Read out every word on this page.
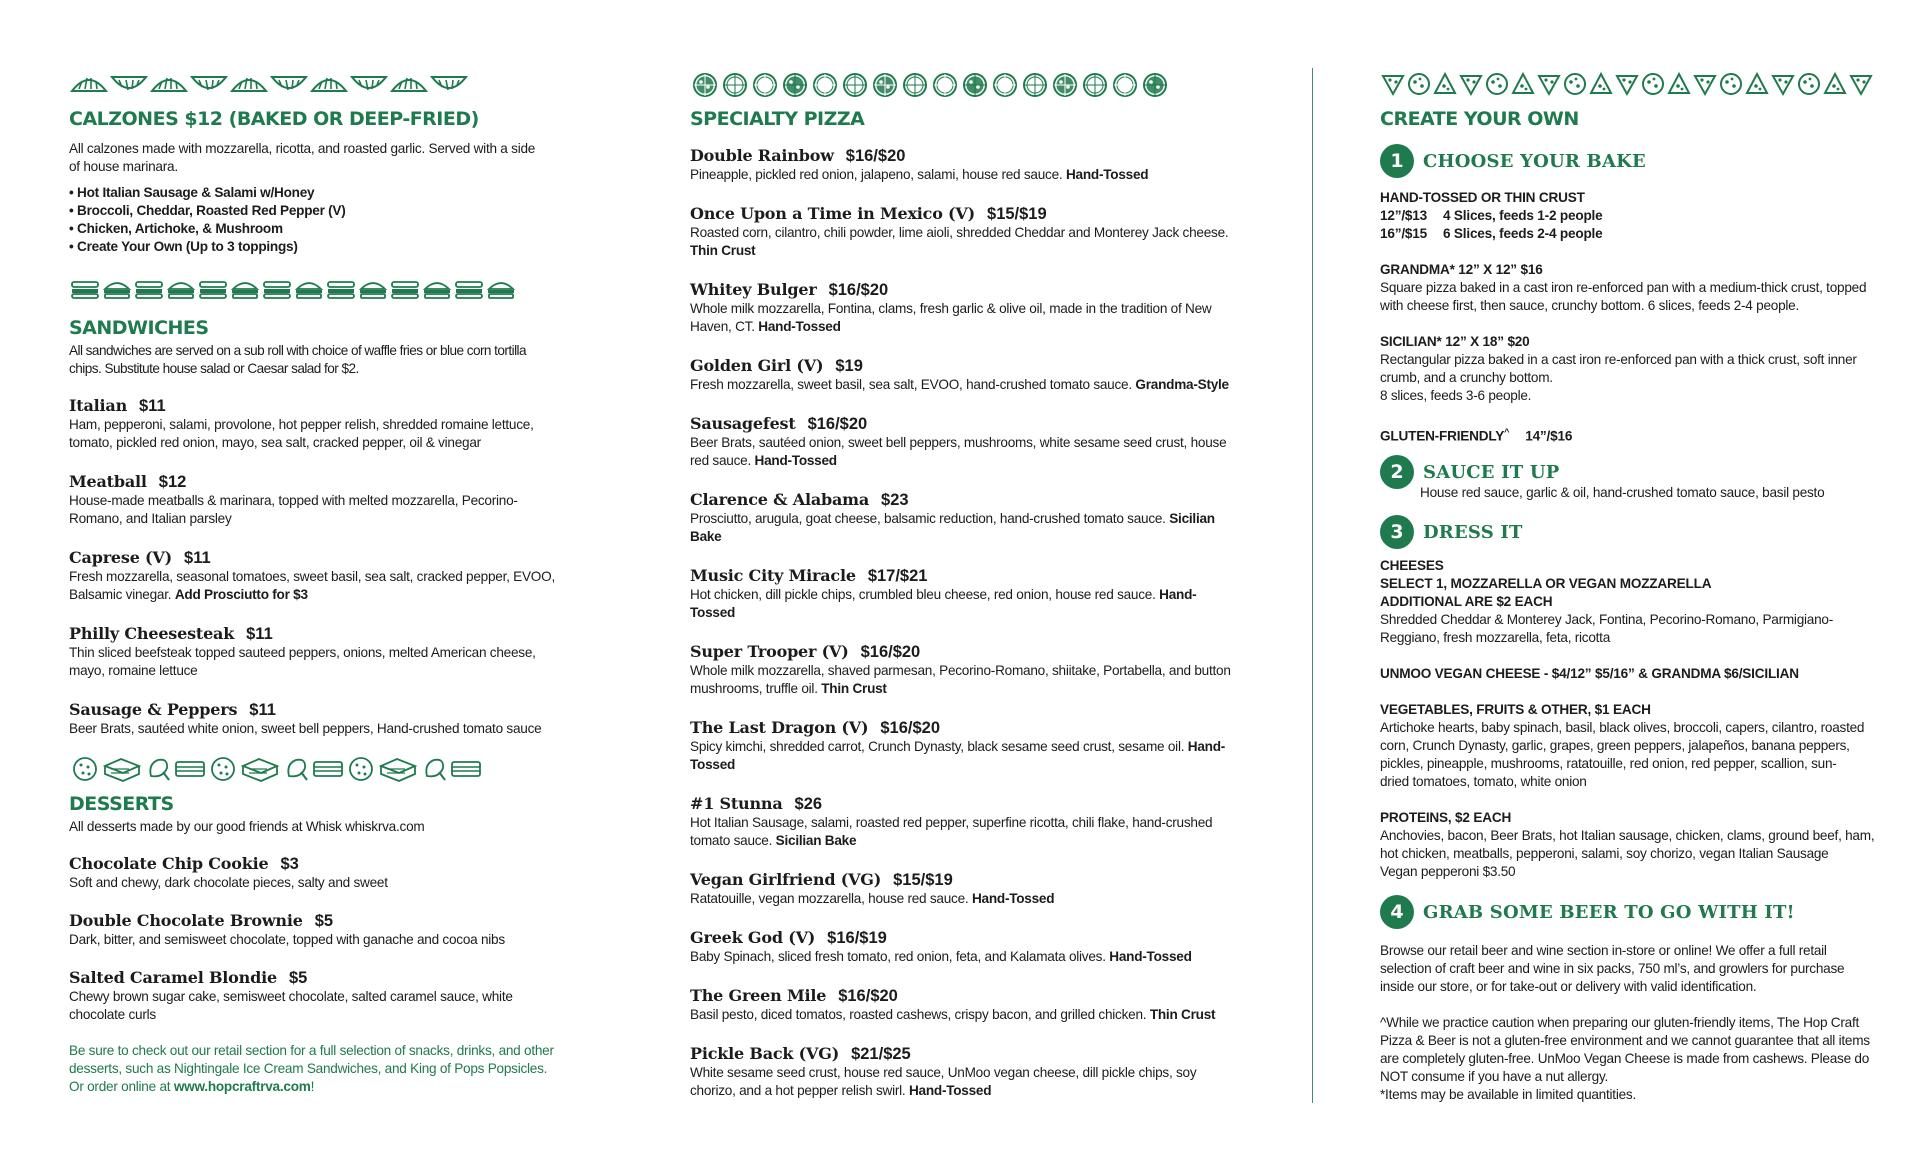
CALZONES $12 (BAKED OR DEEP-FRIED)
All calzones made with mozzarella, ricotta, and roasted garlic. Served with a side of house marinara.
• Hot Italian Sausage & Salami w/Honey
• Broccoli, Cheddar, Roasted Red Pepper (V)
• Chicken, Artichoke, & Mushroom
• Create Your Own (Up to 3 toppings)
SANDWICHES
All sandwiches are served on a sub roll with choice of waffle fries or blue corn tortilla chips. Substitute house salad or Caesar salad for $2.
Italian $11
Ham, pepperoni, salami, provolone, hot pepper relish, shredded romaine lettuce, tomato, pickled red onion, mayo, sea salt, cracked pepper, oil & vinegar
Meatball $12
House-made meatballs & marinara, topped with melted mozzarella, Pecorino-Romano, and Italian parsley
Caprese (V) $11
Fresh mozzarella, seasonal tomatoes, sweet basil, sea salt, cracked pepper, EVOO, Balsamic vinegar. Add Prosciutto for $3
Philly Cheesesteak $11
Thin sliced beefsteak topped sauteed peppers, onions, melted American cheese, mayo, romaine lettuce
Sausage & Peppers $11
Beer Brats, sautéed white onion, sweet bell peppers, Hand-crushed tomato sauce
DESSERTS
All desserts made by our good friends at Whisk whiskrva.com
Chocolate Chip Cookie $3
Soft and chewy, dark chocolate pieces, salty and sweet
Double Chocolate Brownie $5
Dark, bitter, and semisweet chocolate, topped with ganache and cocoa nibs
Salted Caramel Blondie $5
Chewy brown sugar cake, semisweet chocolate, salted caramel sauce, white chocolate curls
Be sure to check out our retail section for a full selection of snacks, drinks, and other desserts, such as Nightingale Ice Cream Sandwiches, and King of Pops Popsicles. Or order online at www.hopcraftrva.com!
SPECIALTY PIZZA
Double Rainbow $16/$20
Pineapple, pickled red onion, jalapeno, salami, house red sauce. Hand-Tossed
Once Upon a Time in Mexico (V) $15/$19
Roasted corn, cilantro, chili powder, lime aioli, shredded Cheddar and Monterey Jack cheese. Thin Crust
Whitey Bulger $16/$20
Whole milk mozzarella, Fontina, clams, fresh garlic & olive oil, made in the tradition of New Haven, CT. Hand-Tossed
Golden Girl (V) $19
Fresh mozzarella, sweet basil, sea salt, EVOO, hand-crushed tomato sauce. Grandma-Style
Sausagefest $16/$20
Beer Brats, sautéed onion, sweet bell peppers, mushrooms, white sesame seed crust, house red sauce. Hand-Tossed
Clarence & Alabama $23
Prosciutto, arugula, goat cheese, balsamic reduction, hand-crushed tomato sauce. Sicilian Bake
Music City Miracle $17/$21
Hot chicken, dill pickle chips, crumbled bleu cheese, red onion, house red sauce. Hand-Tossed
Super Trooper (V) $16/$20
Whole milk mozzarella, shaved parmesan, Pecorino-Romano, shiitake, Portabella, and button mushrooms, truffle oil. Thin Crust
The Last Dragon (V) $16/$20
Spicy kimchi, shredded carrot, Crunch Dynasty, black sesame seed crust, sesame oil. Hand-Tossed
#1 Stunna $26
Hot Italian Sausage, salami, roasted red pepper, superfine ricotta, chili flake, hand-crushed tomato sauce. Sicilian Bake
Vegan Girlfriend (VG) $15/$19
Ratatouille, vegan mozzarella, house red sauce. Hand-Tossed
Greek God (V) $16/$19
Baby Spinach, sliced fresh tomato, red onion, feta, and Kalamata olives. Hand-Tossed
The Green Mile $16/$20
Basil pesto, diced tomatos, roasted cashews, crispy bacon, and grilled chicken. Thin Crust
Pickle Back (VG) $21/$25
White sesame seed crust, house red sauce, UnMoo vegan cheese, dill pickle chips, soy chorizo, and a hot pepper relish swirl. Hand-Tossed
CREATE YOUR OWN
1	CHOOSE YOUR BAKE
HAND-TOSSED OR THIN CRUST
12”/$13 4 Slices, feeds 1-2 people
16”/$15 6 Slices, feeds 2-4 people
GRANDMA* 12” X 12” $16
Square pizza baked in a cast iron re-enforced pan with a medium-thick crust, topped with cheese first, then sauce, crunchy bottom. 6 slices, feeds 2-4 people.
SICILIAN* 12” X 18” $20
Rectangular pizza baked in a cast iron re-enforced pan with a thick crust, soft inner crumb, and a crunchy bottom.
8 slices, feeds 3-6 people.
GLUTEN-FRIENDLY^ 14”/$16
2	SAUCE IT UP
House red sauce, garlic & oil, hand-crushed tomato sauce, basil pesto
3	DRESS IT
CHEESES
SELECT 1, MOZZARELLA OR VEGAN MOZZARELLA
ADDITIONAL ARE $2 EACH
Shredded Cheddar & Monterey Jack, Fontina, Pecorino-Romano, Parmigiano-Reggiano, fresh mozzarella, feta, ricotta
UNMOO VEGAN CHEESE - $4/12” $5/16” & GRANDMA $6/SICILIAN
VEGETABLES, FRUITS & OTHER, $1 EACH
Artichoke hearts, baby spinach, basil, black olives, broccoli, capers, cilantro, roasted corn, Crunch Dynasty, garlic, grapes, green peppers, jalapeños, banana peppers, pickles, pineapple, mushrooms, ratatouille, red onion, red pepper, scallion, sun-dried tomatoes, tomato, white onion
PROTEINS, $2 EACH
Anchovies, bacon, Beer Brats, hot Italian sausage, chicken, clams, ground beef, ham, hot chicken, meatballs, pepperoni, salami, soy chorizo, vegan Italian Sausage
Vegan pepperoni $3.50
4	GRAB SOME BEER TO GO WITH IT!
Browse our retail beer and wine section in-store or online! We offer a full retail selection of craft beer and wine in six packs, 750 ml’s, and growlers for purchase inside our store, or for take-out or delivery with valid identification.
^While we practice caution when preparing our gluten-friendly items, The Hop Craft Pizza & Beer is not a gluten-free environment and we cannot guarantee that all items are completely gluten-free. UnMoo Vegan Cheese is made from cashews. Please do NOT consume if you have a nut allergy.
*Items may be available in limited quantities.
